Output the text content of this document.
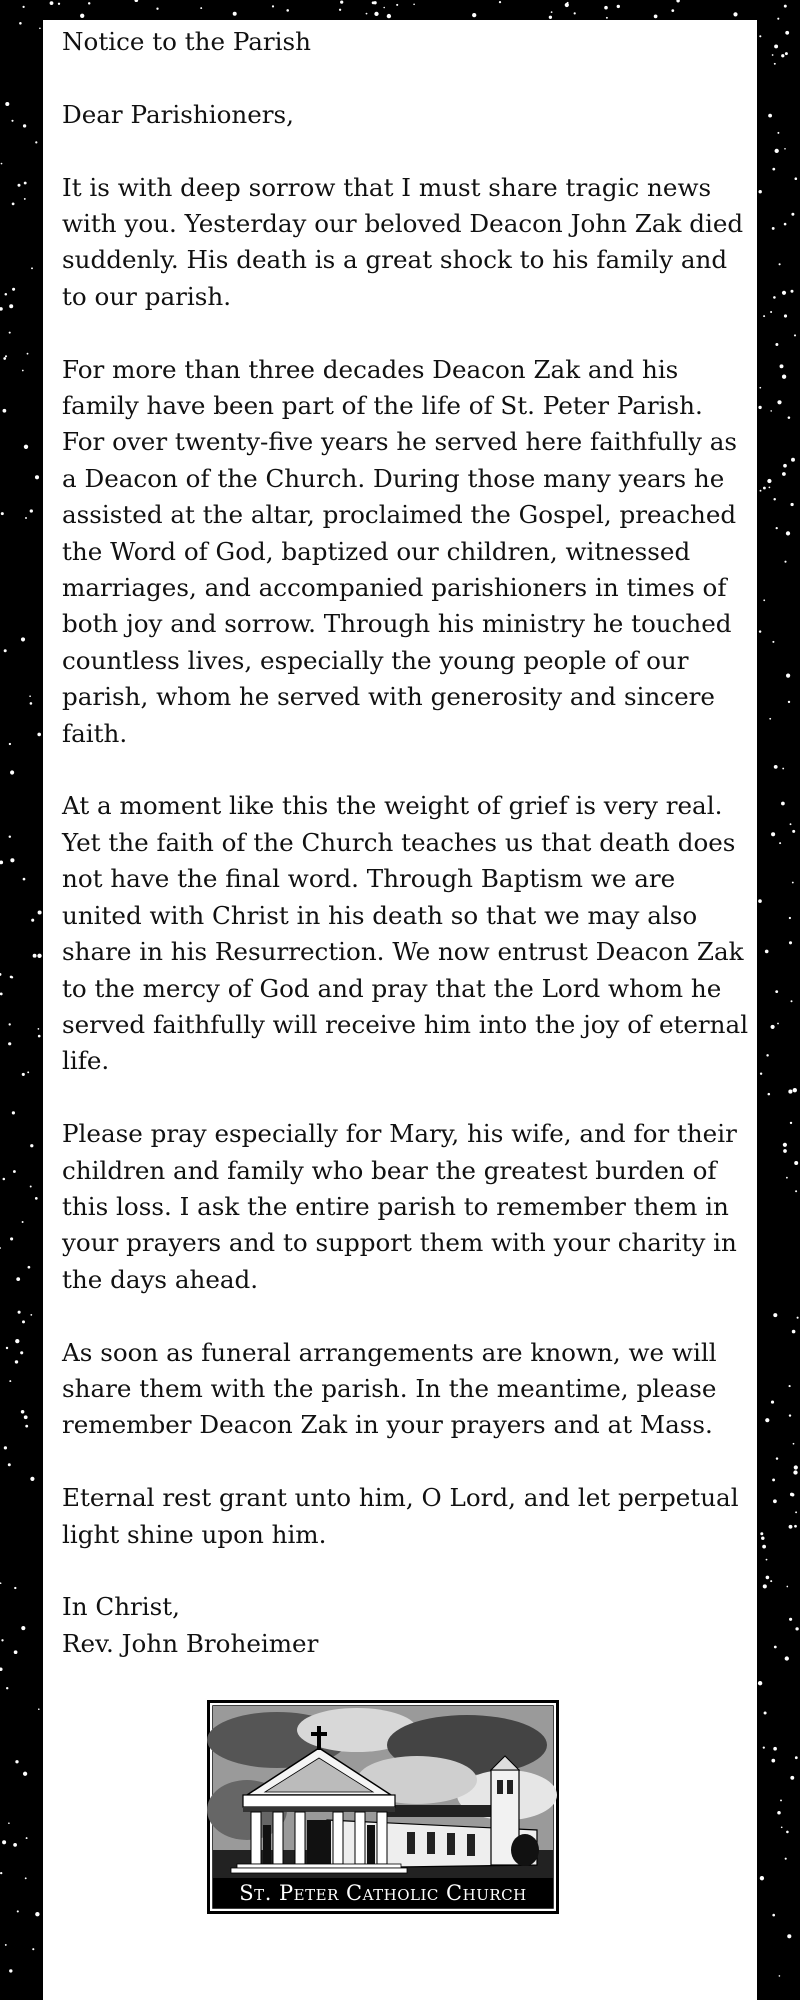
Notice to the Parish

Dear Parishioners,

It is with deep sorrow that I must share tragic news with you. Yesterday our beloved Deacon John Zak died suddenly. His death is a great shock to his family and to our parish.

For more than three decades Deacon Zak and his family have been part of the life of St. Peter Parish. For over twenty-five years he served here faithfully as a Deacon of the Church. During those many years he assisted at the altar, proclaimed the Gospel, preached the Word of God, baptized our children, witnessed marriages, and accompanied parishioners in times of both joy and sorrow. Through his ministry he touched countless lives, especially the young people of our parish, whom he served with generosity and sincere faith.

At a moment like this the weight of grief is very real. Yet the faith of the Church teaches us that death does not have the final word. Through Baptism we are united with Christ in his death so that we may also share in his Resurrection. We now entrust Deacon Zak to the mercy of God and pray that the Lord whom he served faithfully will receive him into the joy of eternal life.

Please pray especially for Mary, his wife, and for their children and family who bear the greatest burden of this loss. I ask the entire parish to remember them in your prayers and to support them with your charity in the days ahead.

As soon as funeral arrangements are known, we will share them with the parish. In the meantime, please remember Deacon Zak in your prayers and at Mass.

Eternal rest grant unto him, O Lord, and let perpetual light shine upon him.

In Christ,

Rev. John Broheimer

St. Peter Catholic Church
